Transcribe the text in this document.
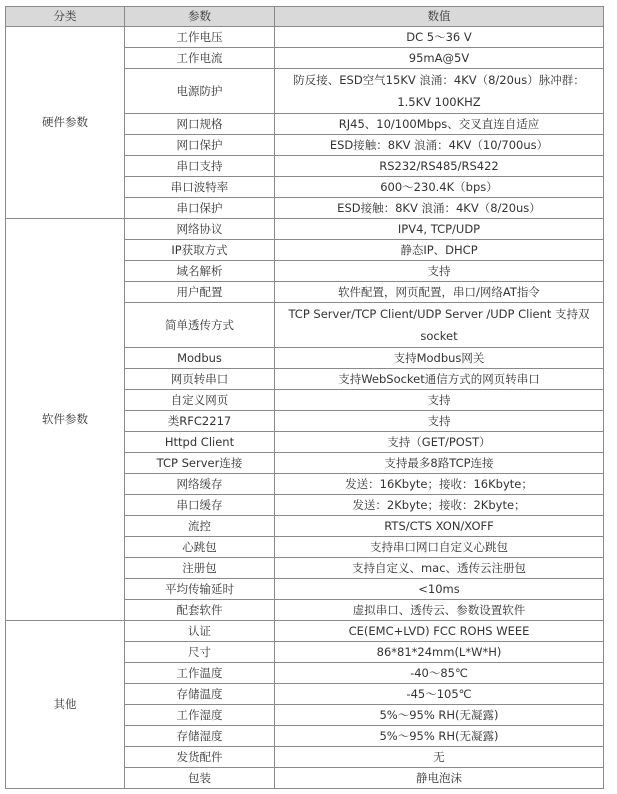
分类	参数	数值
硬件参数	工作电压	DC 5～36 V
	工作电流	95mA@5V
	电源防护	防反接、ESD空气15KV 浪涌：4KV（8/20us）脉冲群：1.5KV 100KHZ
	网口规格	RJ45、10/100Mbps、交叉直连自适应
	网口保护	ESD接触：8KV 浪涌：4KV（10/700us）
	串口支持	RS232/RS485/RS422
	串口波特率	600～230.4K（bps）
	串口保护	ESD接触：8KV 浪涌：4KV（8/20us）
软件参数	网络协议	IPV4, TCP/UDP
	IP获取方式	静态IP、DHCP
	域名解析	支持
	用户配置	软件配置，网页配置，串口/网络AT指令
	简单透传方式	TCP Server/TCP Client/UDP Server /UDP Client 支持双socket
	Modbus	支持Modbus网关
	网页转串口	支持WebSocket通信方式的网页转串口
	自定义网页	支持
	类RFC2217	支持
	Httpd Client	支持（GET/POST）
	TCP Server连接	支持最多8路TCP连接
	网络缓存	发送：16Kbyte；接收：16Kbyte；
	串口缓存	发送：2Kbyte；接收：2Kbyte；
	流控	RTS/CTS XON/XOFF
	心跳包	支持串口网口自定义心跳包
	注册包	支持自定义、mac、透传云注册包
	平均传输延时	<10ms
	配套软件	虚拟串口、透传云、参数设置软件
其他	认证	CE(EMC+LVD) FCC ROHS WEEE
	尺寸	86*81*24mm(L*W*H)
	工作温度	-40～85℃
	存储温度	-45～105℃
	工作湿度	5%～95% RH(无凝露)
	存储湿度	5%～95% RH(无凝露)
	发货配件	无
	包装	静电泡沫
